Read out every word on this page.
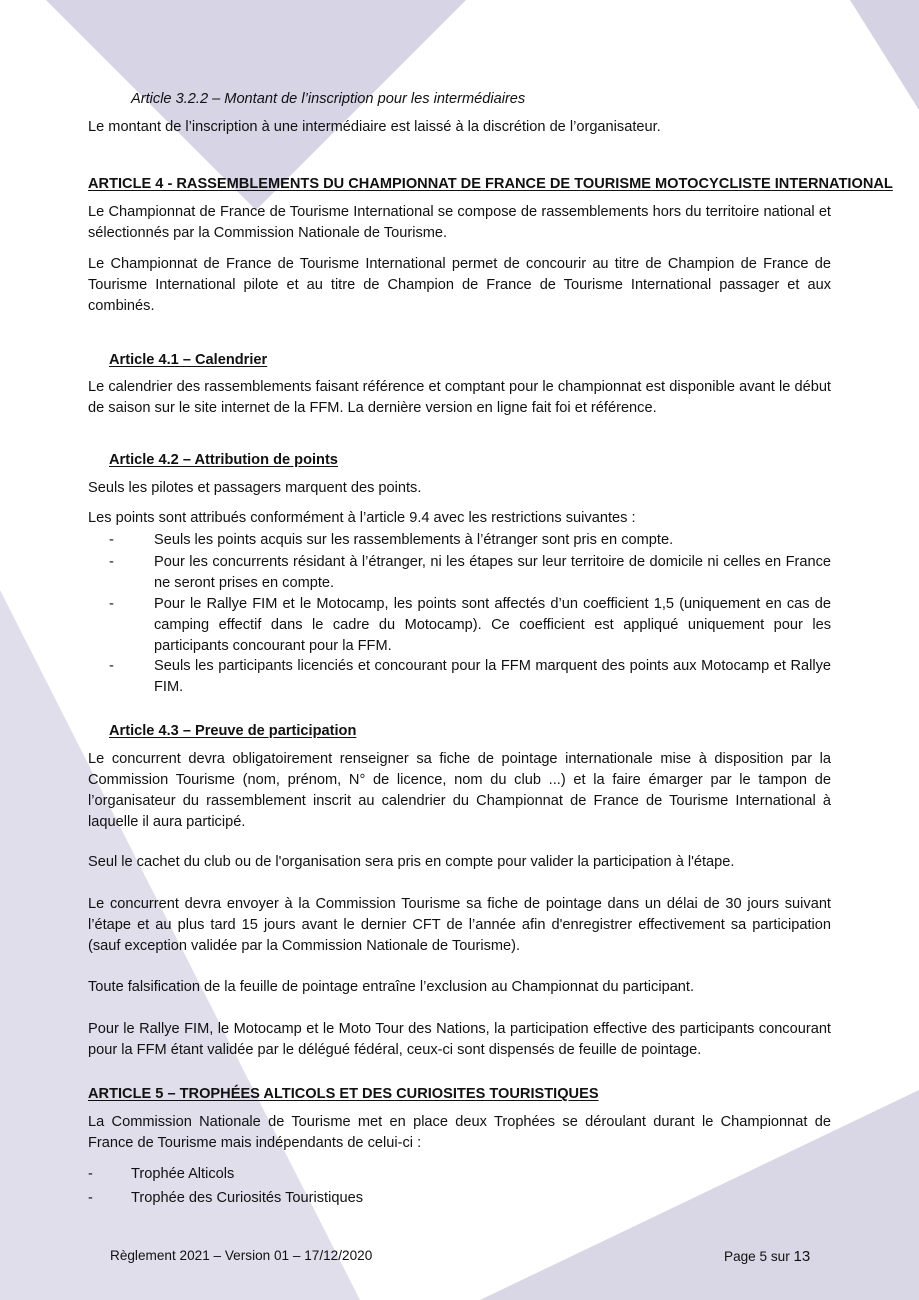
Article 3.2.2 – Montant de l’inscription pour les intermédiaires

Le montant de l’inscription à une intermédiaire est laissé à la discrétion de l’organisateur.

ARTICLE 4 - RASSEMBLEMENTS DU CHAMPIONNAT DE FRANCE DE TOURISME MOTOCYCLISTE INTERNATIONAL

Le Championnat de France de Tourisme International se compose de rassemblements hors du territoire national et sélectionnés par la Commission Nationale de Tourisme.

Le Championnat de France de Tourisme International permet de concourir au titre de Champion de France de Tourisme International pilote et au titre de Champion de France de Tourisme International passager et aux combinés.

Article 4.1 – Calendrier

Le calendrier des rassemblements faisant référence et comptant pour le championnat est disponible avant le début de saison sur le site internet de la FFM. La dernière version en ligne fait foi et référence.

Article 4.2 – Attribution de points

Seuls les pilotes et passagers marquent des points.

Les points sont attribués conformément à l’article 9.4 avec les restrictions suivantes :

-	Seuls les points acquis sur les rassemblements à l’étranger sont pris en compte.
-	Pour les concurrents résidant à l’étranger, ni les étapes sur leur territoire de domicile ni celles en France ne seront prises en compte.
-	Pour le Rallye FIM et le Motocamp, les points sont affectés d’un coefficient 1,5 (uniquement en cas de camping effectif dans le cadre du Motocamp). Ce coefficient est appliqué uniquement pour les participants concourant pour la FFM.
-	Seuls les participants licenciés et concourant pour la FFM marquent des points aux Motocamp et Rallye FIM.

Article 4.3 – Preuve de participation

Le concurrent devra obligatoirement renseigner sa fiche de pointage internationale mise à disposition par la Commission Tourisme (nom, prénom, N° de licence, nom du club ...) et la faire émarger par le tampon de l’organisateur du rassemblement inscrit au calendrier du Championnat de France de Tourisme International à laquelle il aura participé.

Seul le cachet du club ou de l'organisation sera pris en compte pour valider la participation à l'étape.

Le concurrent devra envoyer à la Commission Tourisme sa fiche de pointage dans un délai de 30 jours suivant l’étape et au plus tard 15 jours avant le dernier CFT de l’année afin d'enregistrer effectivement sa participation (sauf exception validée par la Commission Nationale de Tourisme).

Toute falsification de la feuille de pointage entraîne l’exclusion au Championnat du participant.

Pour le Rallye FIM, le Motocamp et le Moto Tour des Nations, la participation effective des participants concourant pour la FFM étant validée par le délégué fédéral, ceux-ci sont dispensés de feuille de pointage.

ARTICLE 5 – TROPHÉES ALTICOLS ET DES CURIOSITES TOURISTIQUES

La Commission Nationale de Tourisme met en place deux Trophées se déroulant durant le Championnat de France de Tourisme mais indépendants de celui-ci :

-	Trophée Alticols
-	Trophée des Curiosités Touristiques
Règlement 2021 – Version 01 – 17/12/2020	Page 5 sur 13
